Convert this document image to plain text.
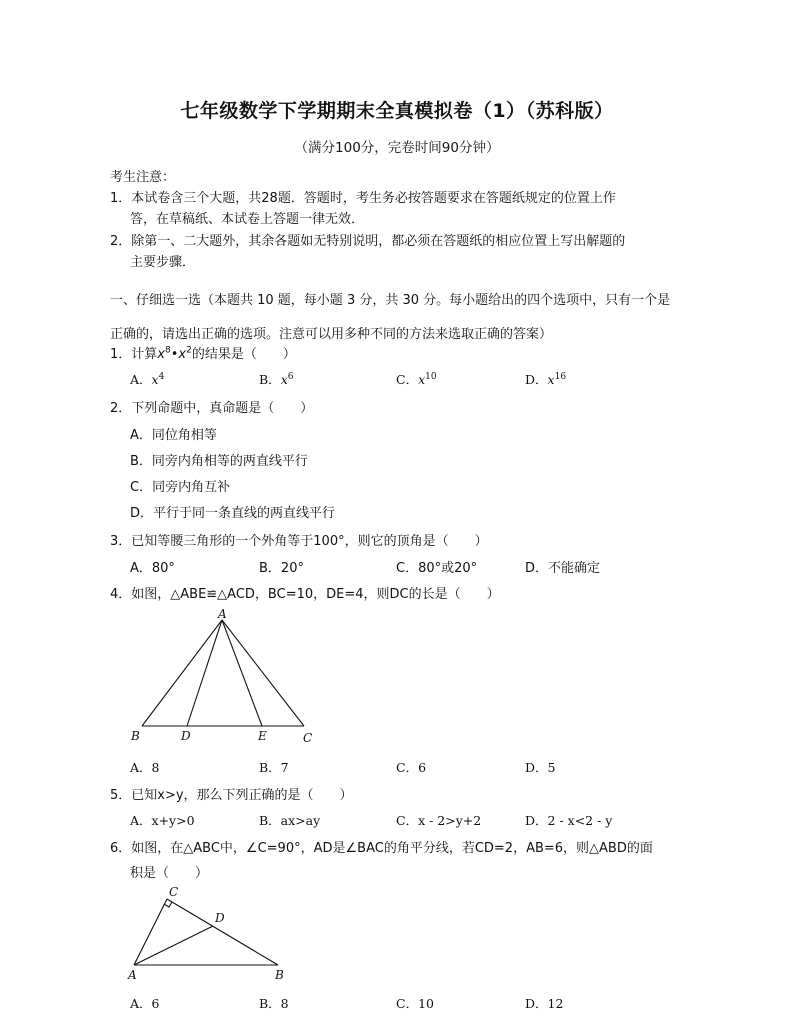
七年级数学下学期期末全真模拟卷（1）（苏科版）
（满分100分，完卷时间90分钟）
考生注意：
1．本试卷含三个大题，共28题．答题时，考生务必按答题要求在答题纸规定的位置上作
答，在草稿纸、本试卷上答题一律无效．
2．除第一、二大题外，其余各题如无特别说明，都必须在答题纸的相应位置上写出解题的
主要步骤．
一、仔细选一选（本题共 10 题，每小题 3 分，共 30 分。每小题给出的四个选项中，只有一个是
正确的，请选出正确的选项。注意可以用多种不同的方法来选取正确的答案）
1．计算$x^8•x^2$的结果是（　　）
A．$x^4$	B．$x^6$	C．$x^{10}$	D．$x^{16}$
2．下列命题中，真命题是（　　）
A．同位角相等
B．同旁内角相等的两直线平行
C．同旁内角互补
D．平行于同一条直线的两直线平行
3．已知等腰三角形的一个外角等于100°，则它的顶角是（　　）
A．80°	B．20°	C．80°或20°	D．不能确定
4．如图，△ABE≌△ACD，BC=10，DE=4，则DC的长是（　　）
A
B	D	E	C
A．8	B．7	C．6	D．5
5．已知x>y，那么下列正确的是（　　）
A．x+y>0	B．ax>ay	C．x - 2>y+2	D．2 - x<2 - y
6．如图，在△ABC中，∠C=90°，AD是∠BAC的角平分线，若CD=2，AB=6，则△ABD的面
积是（　　）
C
D
A	B
A．6	B．8	C．10	D．12
